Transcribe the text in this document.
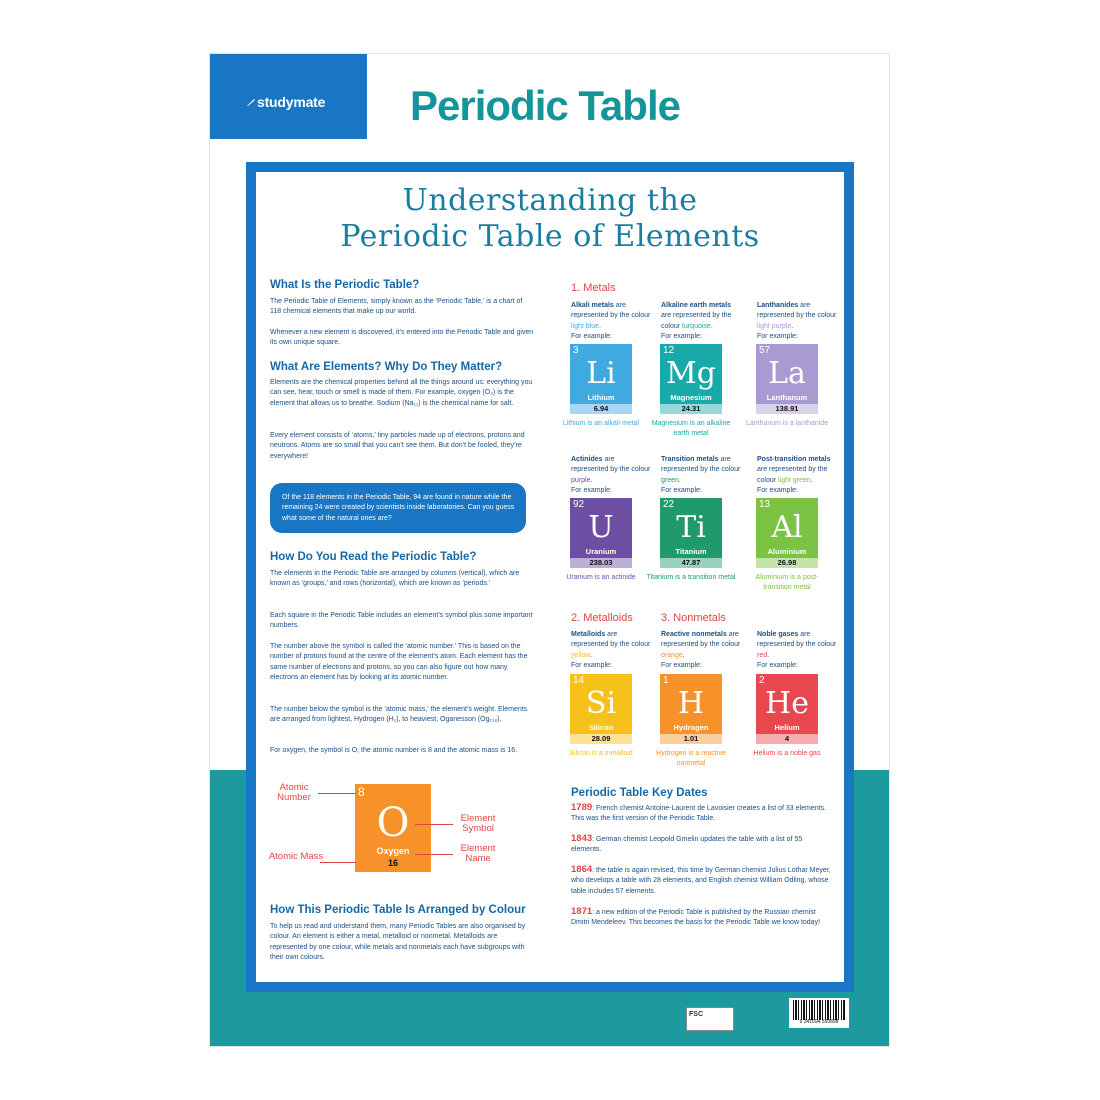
studymate Periodic Table
Understanding the
Periodic Table of Elements
What Is the Periodic Table?

The Periodic Table of Elements, simply known as the ‘Periodic Table,’ is a chart of 118 chemical elements that make up our world.

Whenever a new element is discovered, it’s entered into the Periodic Table and given its own unique square.

What Are Elements? Why Do They Matter?

Elements are the chemical properties behind all the things around us: everything you can see, hear, touch or smell is made of them. For example, oxygen (O₂) is the element that allows us to breathe. Sodium (Na₁₁) is the chemical name for salt.

Every element consists of ‘atoms,’ tiny particles made up of electrons, protons and neutrons. Atoms are so small that you can’t see them. But don’t be fooled, they’re everywhere!

Of the 118 elements in the Periodic Table, 94 are found in nature while the remaining 24 were created by scientists inside laboratories. Can you guess what some of the natural ones are?

How Do You Read the Periodic Table?

The elements in the Periodic Table are arranged by columns (vertical), which are known as ‘groups,’ and rows (horizontal), which are known as ‘periods.’

Each square in the Periodic Table includes an element’s symbol plus some important numbers.

The number above the symbol is called the ‘atomic number.’ This is based on the number of protons found at the centre of the element’s atom. Each element has the same number of electrons and protons, so you can also figure out how many electrons an element has by looking at its atomic number.

The number below the symbol is the ‘atomic mass,’ the element’s weight. Elements are arranged from lightest, Hydrogen (H₁), to heaviest, Oganesson (Og₁₁₈).

For oxygen, the symbol is O, the atomic number is 8 and the atomic mass is 16.

8
O
Oxygen
16

Atomic Number

Atomic Mass

Element Symbol

Element Name

How This Periodic Table Is Arranged by Colour

To help us read and understand them, many Periodic Tables are also organised by colour. An element is either a metal, metalloid or nonmetal. Metalloids are represented by one colour, while metals and nonmetals each have subgroups with their own colours.

1. Metals
2. Metalloids	3. Nonmetals

Alkali metals are represented by the colour light blue.
For example:

3
Li
Lithium
6.94

Lithium is an alkali metal

Alkaline earth metals are represented by the colour turquoise.
For example:

12
Mg
Magnesium
24.31

Magnesium is an alkaline earth metal

Lanthanides are represented by the colour light purple.
For example:

57
La
Lanthanum
138.91

Lanthanum is a lanthanide

Actinides are represented by the colour purple.
For example:

92
U
Uranium
238.03

Uranium is an actinide

Transition metals are represented by the colour green.
For example:

22
Ti
Titanium
47.87

Titanium is a transition metal

Post-transition metals are represented by the colour light green.
For example:

13
Al
Aluminium
26.98

Aluminium is a post-transition metal

Metalloids are represented by the colour yellow.
For example:

14
Si
Silicon
28.09

Silicon is a metalloid

Reactive nonmetals are represented by the colour orange.
For example:

1
H
Hydrogen
1.01

Hydrogen is a reactive nonmetal

Noble gases are represented by the colour red.
For example:

2
He
Helium
4

Helium is a noble gas

Periodic Table Key Dates

1789: French chemist Antoine-Laurent de Lavoisier creates a list of 33 elements. This was the first version of the Periodic Table.

1843: German chemist Leopold Gmelin updates the table with a list of 55 elements.

1864: the table is again revised, this time by German chemist Julius Lothar Meyer, who develops a table with 28 elements, and English chemist William Odling, whose table includes 57 elements.

1871: a new edition of the Periodic Table is published by the Russian chemist Dmitri Mendeleev. This becomes the basis for the Periodic Table we know today!

FSC
9 341694 550898
